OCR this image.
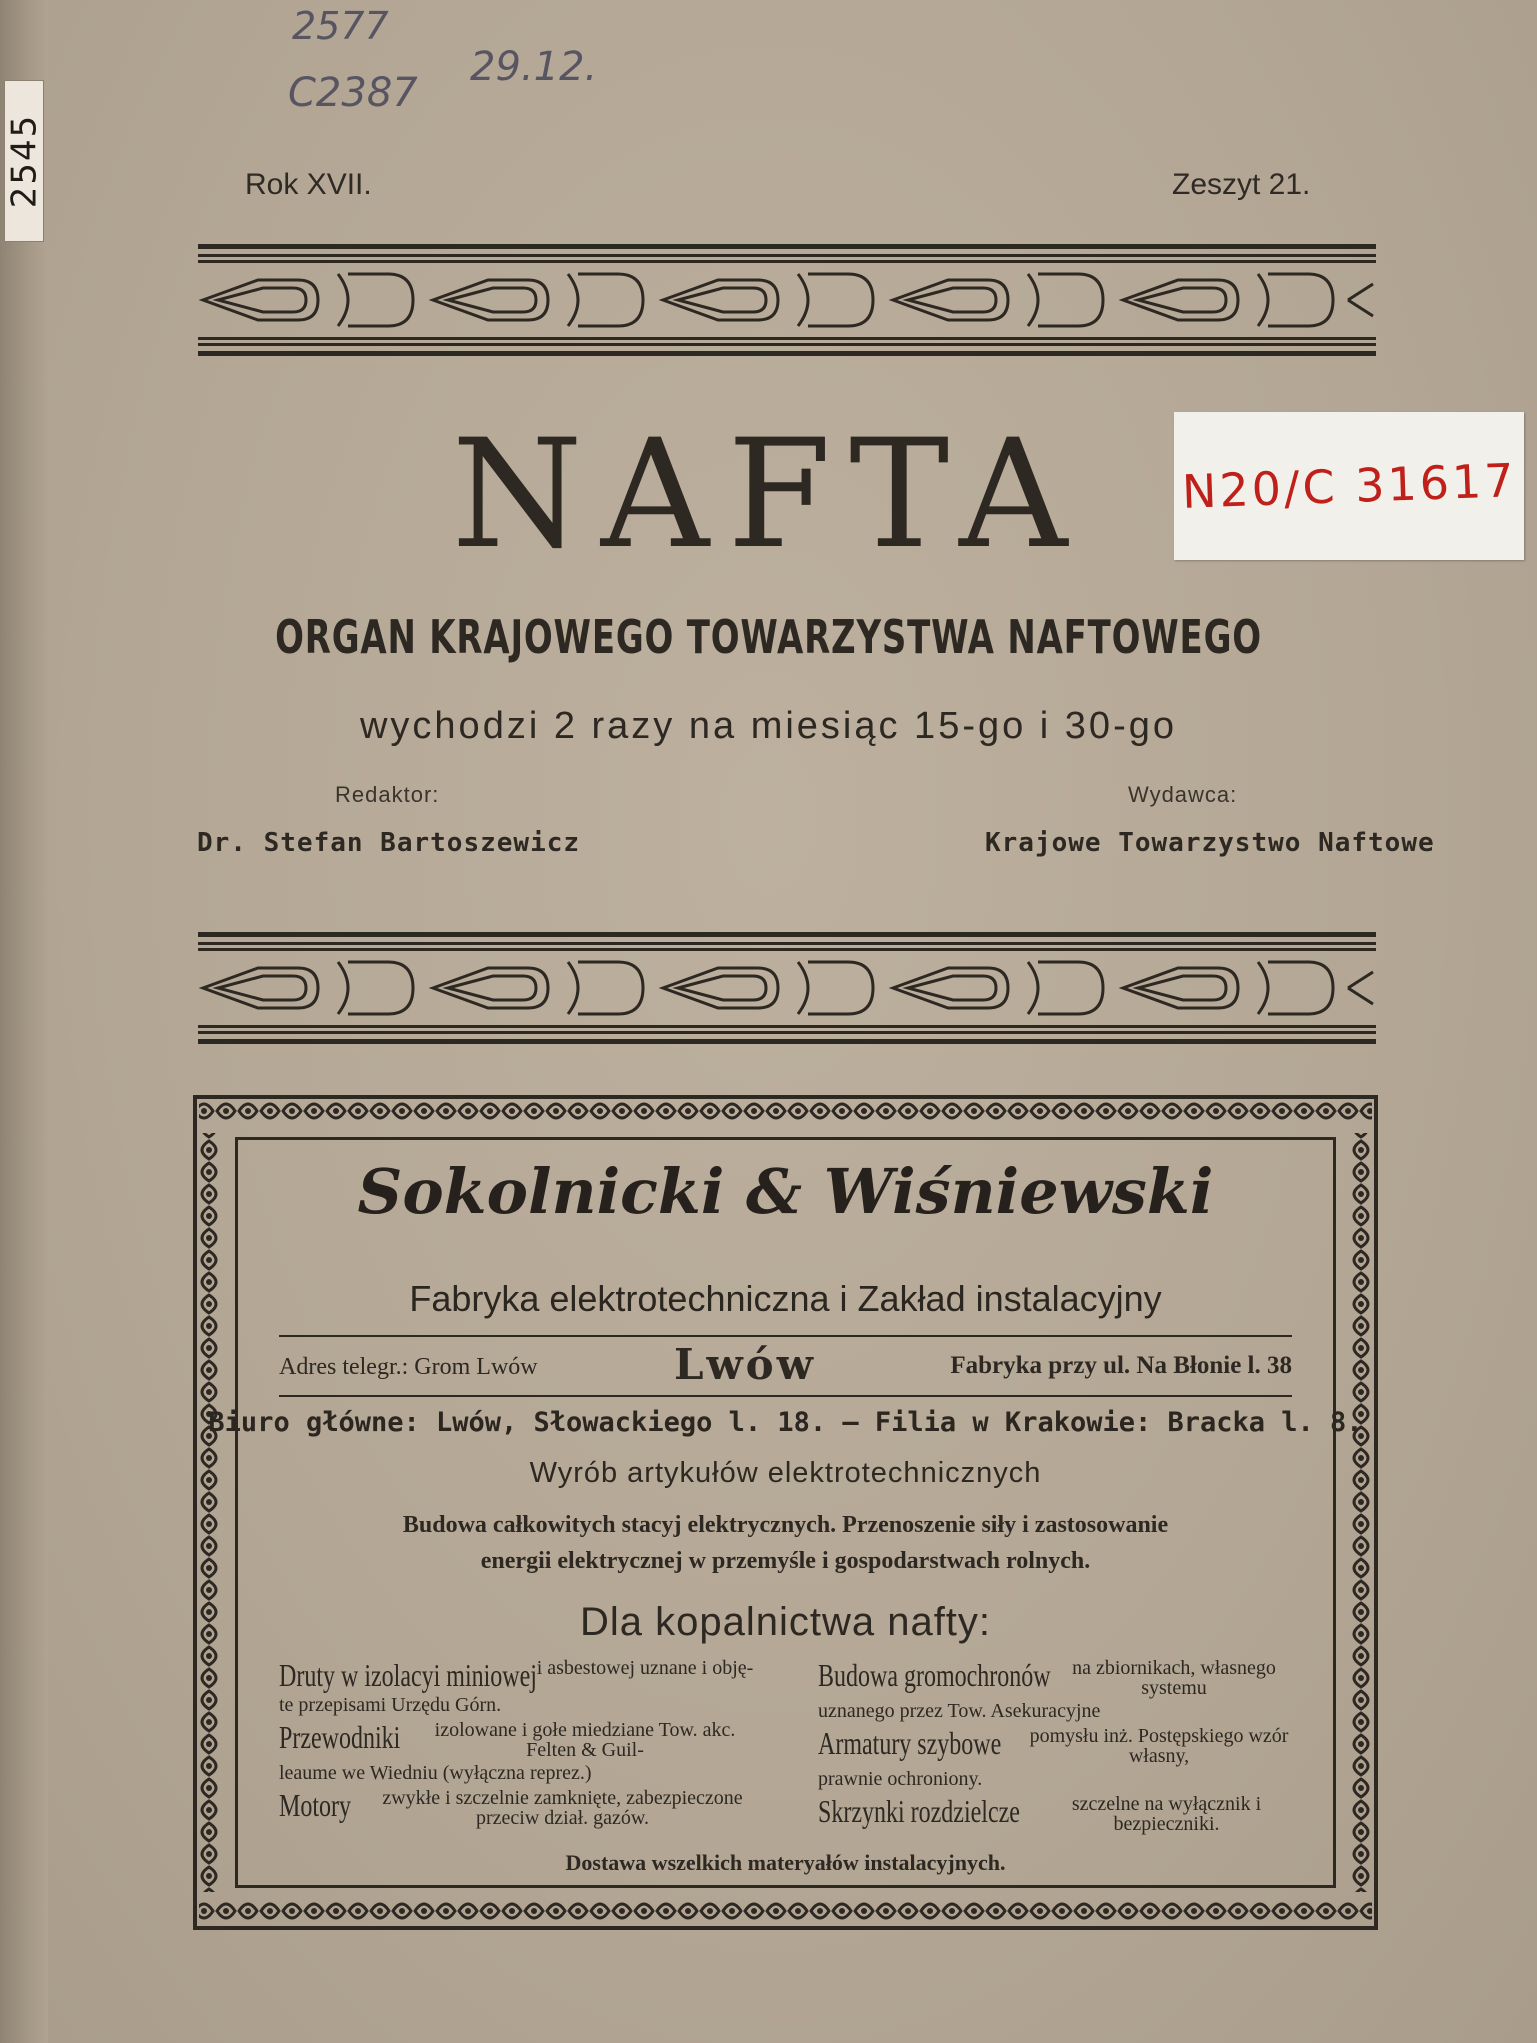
2545
2577
29.12.
C2387
N20/C 31617
Rok XVII.	Zeszyt 21.
NAFTA
ORGAN KRAJOWEGO TOWARZYSTWA NAFTOWEGO
wychodzi 2 razy na miesiąc 15-go i 30-go
Redaktor:
Dr. Stefan Bartoszewicz
Wydawca:
Krajowe Towarzystwo Naftowe
Sokolnicki & Wiśniewski
Fabryka elektrotechniczna i Zakład instalacyjny
Adres telegr.: Grom Lwów	Lwów	Fabryka przy ul. Na Błonie l. 38
Biuro główne: Lwów, Słowackiego l. 18. — Filia w Krakowie: Bracka l. 8.
Wyrób artykułów elektrotechnicznych
Budowa całkowitych stacyj elektrycznych. Przenoszenie siły i zastosowanie
energii elektrycznej w przemyśle i gospodarstwach rolnych.
Dla kopalnictwa nafty:
Druty w izolacyi miniowej i asbestowej uznane i obję-
te przepisami Urzędu Górn.
Przewodniki	izolowane i gołe miedziane Tow. akc. Felten & Guil-
leaume we Wiedniu (wyłączna reprez.)
Motory	zwykłe i szczelnie zamknięte, zabezpieczone przeciw dział. gazów.
Budowa gromochronów	na zbiornikach, własnego systemu
uznanego przez Tow. Asekuracyjne
Armatury szybowe	pomysłu inż. Postępskiego wzór własny,
prawnie ochroniony.
Skrzynki rozdzielcze	szczelne na wyłącznik i bezpieczniki.
Dostawa wszelkich materyałów instalacyjnych.
